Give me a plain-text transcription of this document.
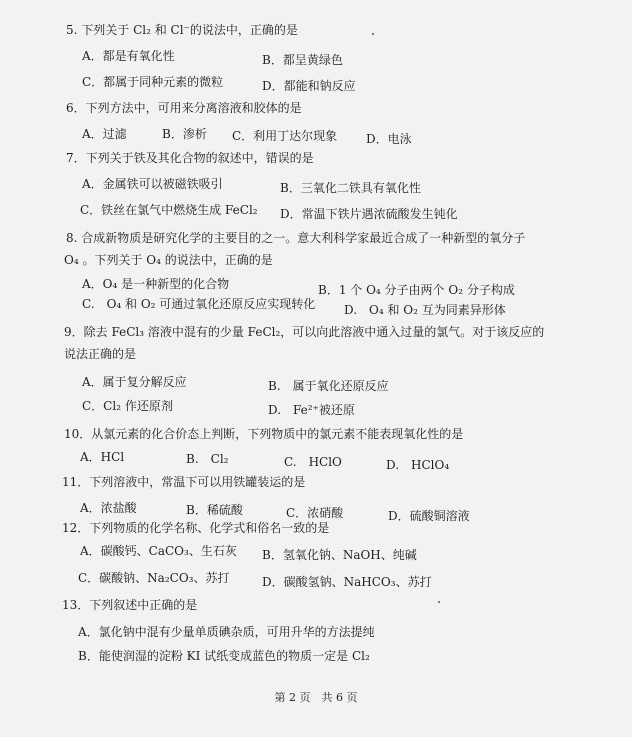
5. 下列关于 Cl₂ 和 Cl⁻的说法中，正确的是
A．都是有氧化性	B．都呈黄绿色
C．都属于同种元素的微粒	D．都能和钠反应
6．下列方法中，可用来分离溶液和胶体的是
A．过滤	B．渗析 C．利用丁达尔现象 D．电泳
7．下列关于铁及其化合物的叙述中，错误的是
A．金属铁可以被磁铁吸引	B．三氧化二铁具有氧化性
C．铁丝在氯气中燃烧生成 FeCl₂ D．常温下铁片遇浓硫酸发生钝化
8. 合成新物质是研究化学的主要目的之一。意大利科学家最近合成了一种新型的氧分子
O₄ 。下列关于 O₄ 的说法中，正确的是
A．O₄ 是一种新型的化合物	B．1 个 O₄ 分子由两个 O₂ 分子构成
C.　O₄ 和 O₂ 可通过氧化还原反应实现转化 D.　O₄ 和 O₂ 互为同素异形体
9．除去 FeCl₃ 溶液中混有的少量 FeCl₂，可以向此溶液中通入过量的氯气。对于该反应的
说法正确的是
A．属于复分解反应	B.　属于氧化还原反应
C．Cl₂ 作还原剂	D.　Fe²⁺被还原
10．从氯元素的化合价态上判断，下列物质中的氯元素不能表现氧化性的是
A．HCl	B.　Cl₂	C.　HClO	D.　HClO₄
11．下列溶液中，常温下可以用铁罐装运的是
A．浓盐酸	B．稀硫酸	C．浓硝酸	D．硫酸铜溶液
12．下列物质的化学名称、化学式和俗名一致的是
A．碳酸钙、CaCO₃、生石灰 B．氢氧化钠、NaOH、纯碱
C．碳酸钠、Na₂CO₃、苏打	D．碳酸氢钠、NaHCO₃、苏打
13．下列叙述中正确的是
A．氯化钠中混有少量单质碘杂质，可用升华的方法提纯
B．能使润湿的淀粉 KI 试纸变成蓝色的物质一定是 Cl₂
第 2 页　共 6 页
